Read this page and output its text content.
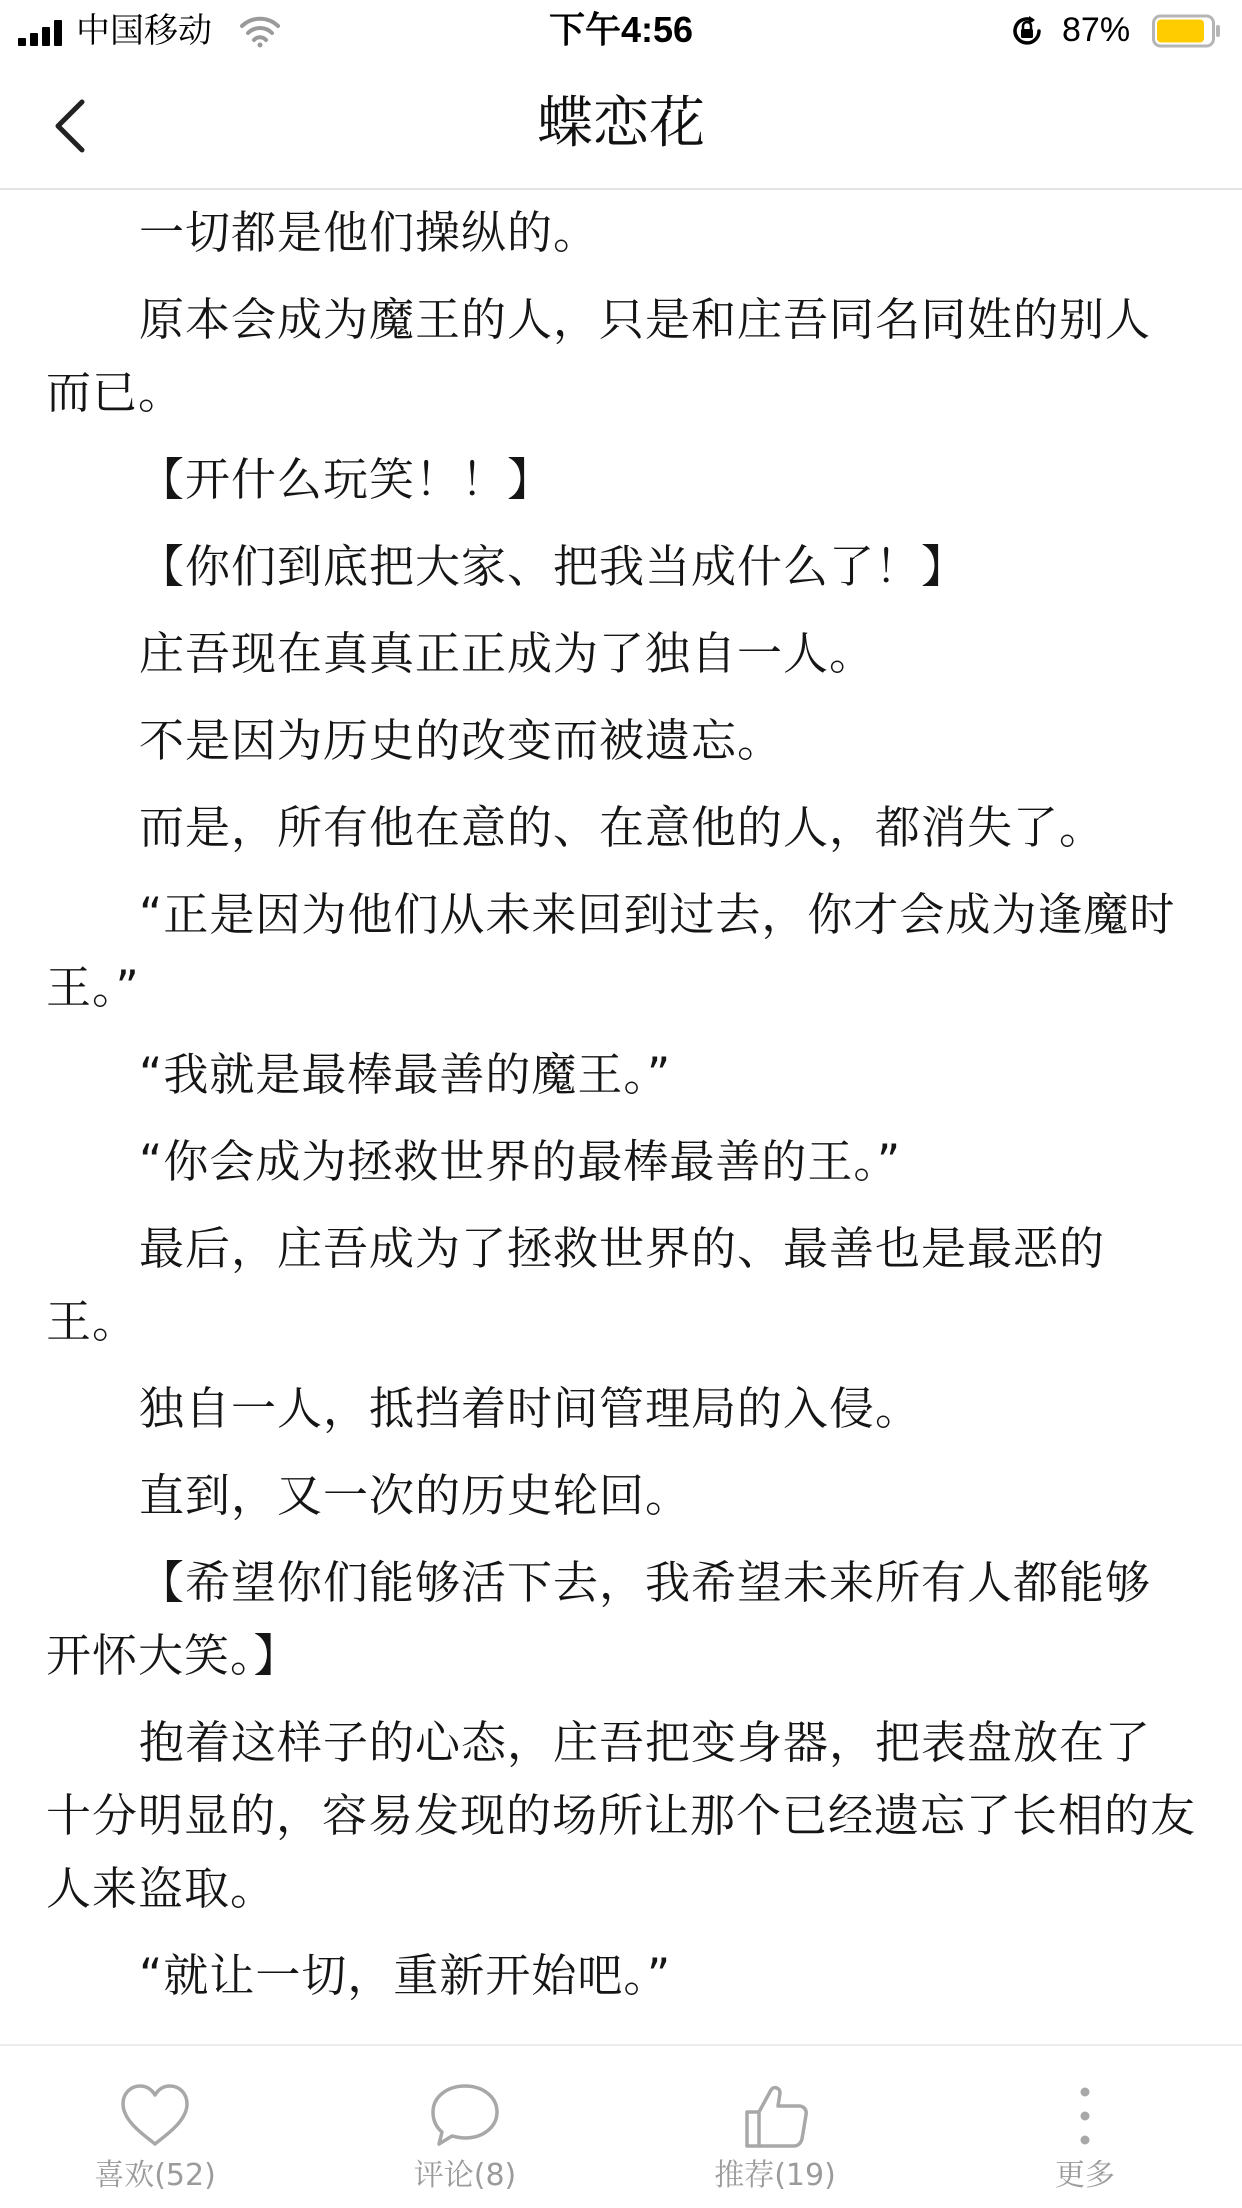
中国移动	下午4:56	87%
蝶恋花

一切都是他们操纵的。

原本会成为魔王的人，只是和庄吾同名同姓的别人而已。

【开什么玩笑！！】

【你们到底把大家、把我当成什么了！】

庄吾现在真真正正成为了独自一人。

不是因为历史的改变而被遗忘。

而是，所有他在意的、在意他的人，都消失了。

“正是因为他们从未来回到过去，你才会成为逢魔时王。”

“我就是最棒最善的魔王。”

“你会成为拯救世界的最棒最善的王。”

最后，庄吾成为了拯救世界的、最善也是最恶的王。

独自一人，抵挡着时间管理局的入侵。

直到，又一次的历史轮回。

【希望你们能够活下去，我希望未来所有人都能够开怀大笑。】

抱着这样子的心态，庄吾把变身器，把表盘放在了十分明显的，容易发现的场所让那个已经遗忘了长相的友人来盗取。

“就让一切，重新开始吧。”

喜欢(52)	评论(8)	推荐(19)	更多
